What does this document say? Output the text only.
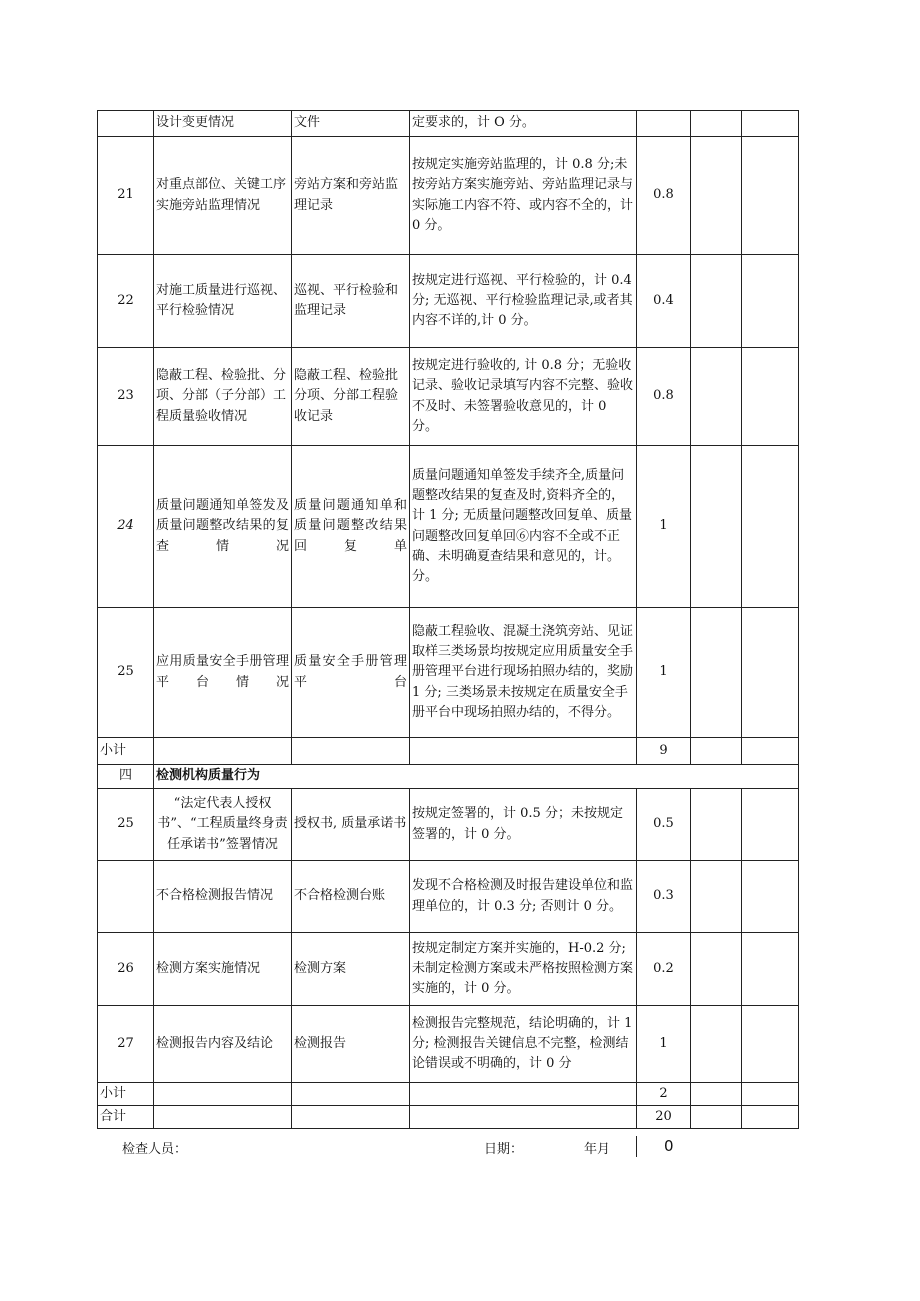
	设计变更情况	文件	定要求的，计 O 分。			
21	对重点部位、关键工序实施旁站监理情况	旁站方案和旁站监理记录	按规定实施旁站监理的，计 0.8 分;未按旁站方案实施旁站、旁站监理记录与实际施工内容不符、或内容不全的，计 0 分。	0.8		
22	对施工质量进行巡视、平行检验情况	巡视、平行检验和监理记录	按规定进行巡视、平行检验的，计 0.4 分; 无巡视、平行检验监理记录,或者其内容不详的,计 0 分。	0.4		
23	隐蔽工程、检验批、分项、分部（子分部）工程质量验收情况	隐蔽工程、检验批分项、分部工程验收记录	按规定进行验收的, 计 0.8 分；无验收记录、验收记录填写内容不完整、验收不及时、未签署验收意见的，计 0 分。	0.8		
24	质量问题通知单签发及质量问题整改结果的复查情况	质量问题通知单和质量问题整改结果回复单	质量问题通知单签发手续齐全,质量问题整改结果的复查及时,资料齐全的，计 1 分; 无质量问题整改回复单、质量问题整改回复单回⑥内容不全或不正确、未明确夏查结果和意见的，计。分。	1		
25	应用质量安全手册管理平台情况	质量安全手册管理平台	隐蔽工程验收、混凝土浇筑旁站、见证取样三类场景均按规定应用质量安全手册管理平台进行现场拍照办结的，奖励 1 分; 三类场景未按规定在质量安全手册平台中现场拍照办结的，不得分。	1		
小计				9		
四	检测机构质量行为					
25	“法定代表人授权书”、“工程质量终身责任承诺书”签署情况	授权书, 质量承诺书	按规定签署的，计 0.5 分；未按规定签署的，计 0 分。	0.5		
	不合格检测报告情况	不合格检测台账	发现不合格检测及时报告建设单位和监理单位的，计 0.3 分; 否则计 0 分。	0.3		
26	检测方案实施情况	检测方案	按规定制定方案并实施的，H-0.2 分; 未制定检测方案或未严格按照检测方案实施的，计 0 分。	0.2		
27	检测报告内容及结论	检测报告	检测报告完整规范，结论明确的，计 1 分; 检测报告关键信息不完整，检测结论错误或不明确的，计 0 分	1		
小计				2		
合计				20		
检查人员：	日期：	年月	0
